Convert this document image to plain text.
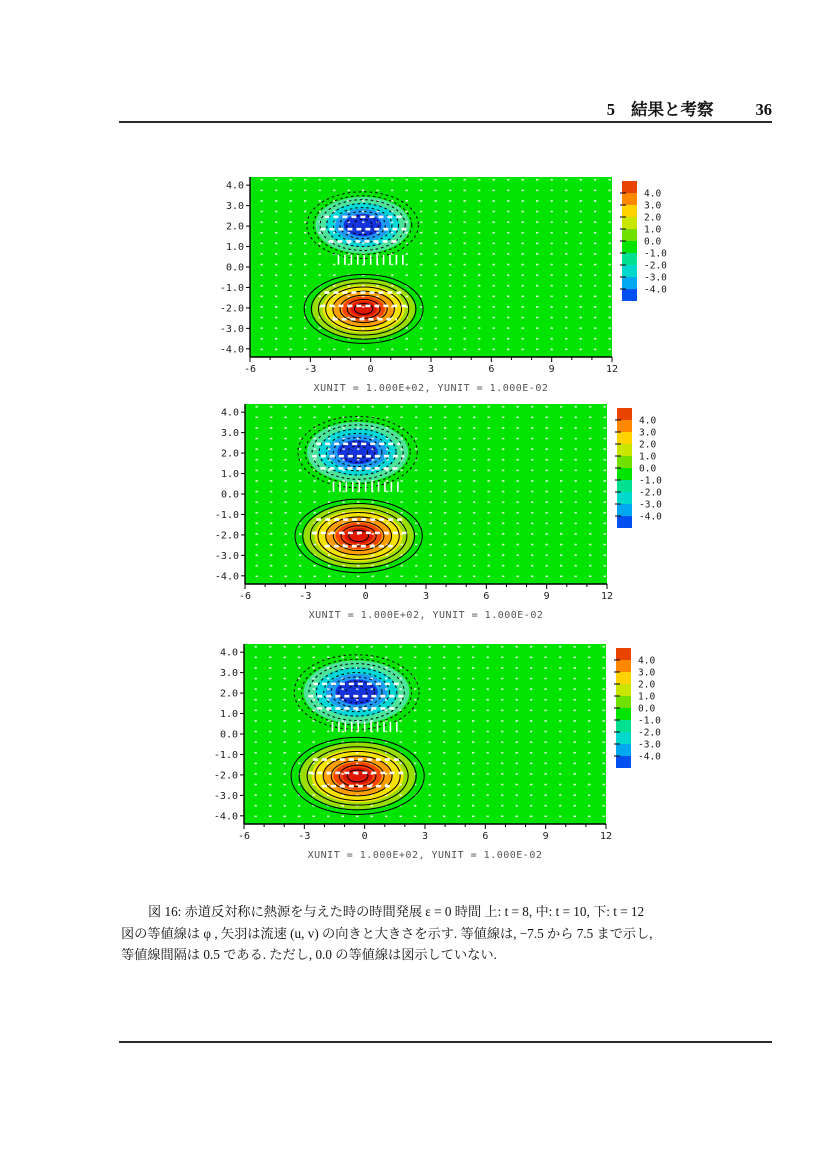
5 結果と考察	36
-6	-3	0	3	6	9	12
4.0
3.0
2.0
1.0
0.0
-1.0
-2.0
-3.0
-4.0
4.0
3.0
2.0
1.0
0.0
-1.0
-2.0
-3.0
-4.0
XUNIT = 1.000E+02, YUNIT = 1.000E-02
-6	-3	0	3	6	9	12
4.0
3.0
2.0
1.0
0.0
-1.0
-2.0
-3.0
-4.0
4.0
3.0
2.0
1.0
0.0
-1.0
-2.0
-3.0
-4.0
XUNIT = 1.000E+02, YUNIT = 1.000E-02
-6	-3	0	3	6	9	12
4.0
3.0
2.0
1.0
0.0
-1.0
-2.0
-3.0
-4.0
4.0
3.0
2.0
1.0
0.0
-1.0
-2.0
-3.0
-4.0
XUNIT = 1.000E+02, YUNIT = 1.000E-02
図 16: 赤道反対称に熱源を与えた時の時間発展 ε = 0 時間 上: t = 8, 中: t = 10, 下: t = 12
図の等値線は φ , 矢羽は流速 (u, v) の向きと大きさを示す. 等値線は, −7.5 から 7.5 まで示し,
等値線間隔は 0.5 である. ただし, 0.0 の等値線は図示していない.
